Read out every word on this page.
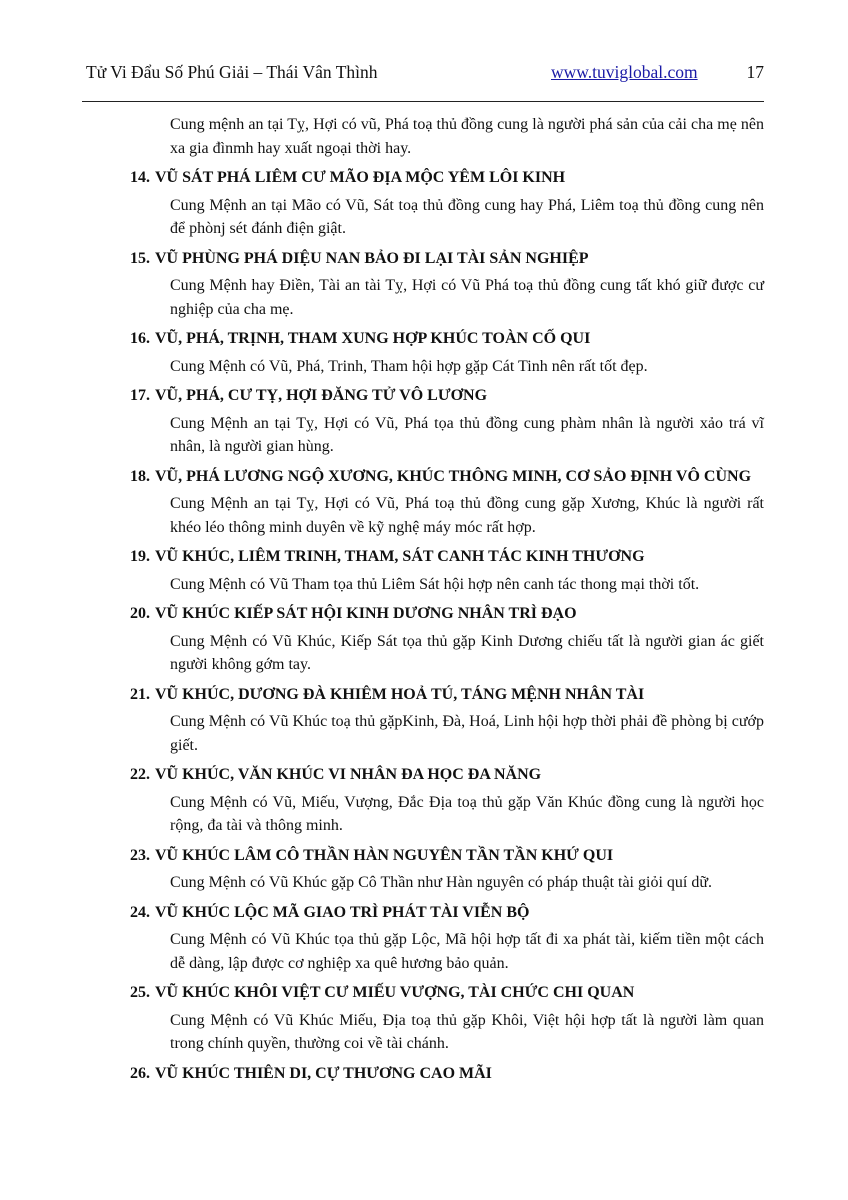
Tử Vi Đẩu Số Phú Giải – Thái Vân Thình	www.tuviglobal.com	17

Cung mệnh an tại Tỵ, Hợi có vũ, Phá toạ thủ đồng cung là người phá sản của cải cha mẹ nên xa gia đìnmh hay xuất ngoại thời hay.

14. VŨ SÁT PHÁ LIÊM CƯ MÃO ĐỊA MỘC YÊM LÔI KINH

Cung Mệnh an tại Mão có Vũ, Sát toạ thủ đồng cung hay Phá, Liêm toạ thủ đồng cung nên để phònj sét đánh điện giật.

15. VŨ PHÙNG PHÁ DIỆU NAN BẢO ĐI LẠI TÀI SẢN NGHIỆP

Cung Mệnh hay Điền, Tài an tài Tỵ, Hợi có Vũ Phá toạ thủ đồng cung tất khó giữ được cư nghiệp của cha mẹ.

16. VŨ, PHÁ, TRỊNH, THAM XUNG HỢP KHÚC TOÀN CỐ QUI

Cung Mệnh có Vũ, Phá, Trinh, Tham hội hợp gặp Cát Tinh nên rất tốt đẹp.

17. VŨ, PHÁ, CƯ TỴ, HỢI ĐĂNG TỬ VÔ LƯƠNG

Cung Mệnh an tại Tỵ, Hợi có Vũ, Phá tọa thủ đồng cung phàm nhân là người xảo trá vĩ nhân, là người gian hùng.

18. VŨ, PHÁ LƯƠNG NGỘ XƯƠNG, KHÚC THÔNG MINH, CƠ SẢO ĐỊNH VÔ CÙNG

Cung Mệnh an tại Tỵ, Hợi có Vũ, Phá toạ thủ đồng cung gặp Xương, Khúc là người rất khéo léo thông minh duyên về kỹ nghệ máy móc rất hợp.

19. VŨ KHÚC, LIÊM TRINH, THAM, SÁT CANH TÁC KINH THƯƠNG

Cung Mệnh có Vũ Tham tọa thủ Liêm Sát hội hợp nên canh tác thong mại thời tốt.

20. VŨ KHÚC KIẾP SÁT HỘI KINH DƯƠNG NHÂN TRÌ ĐẠO

Cung Mệnh có Vũ Khúc, Kiếp Sát tọa thủ gặp Kinh Dương chiếu tất là người gian ác giết người không gớm tay.

21. VŨ KHÚC, DƯƠNG ĐÀ KHIÊM HOẢ TÚ, TÁNG MỆNH NHÂN TÀI

Cung Mệnh có Vũ Khúc toạ thủ gặpKinh, Đà, Hoá, Linh hội hợp thời phải đề phòng bị cướp giết.

22. VŨ KHÚC, VĂN KHÚC VI NHÂN ĐA HỌC ĐA NĂNG

Cung Mệnh có Vũ, Miếu, Vượng, Đắc Địa toạ thủ gặp Văn Khúc đồng cung là người học rộng, đa tài và thông minh.

23. VŨ KHÚC LÂM CÔ THẦN HÀN NGUYÊN TẦN TẦN KHỨ QUI

Cung Mệnh có Vũ Khúc gặp Cô Thần như Hàn nguyên có pháp thuật tài giỏi quí dữ.

24. VŨ KHÚC LỘC MÃ GIAO TRÌ PHÁT TÀI VIỄN BỘ

Cung Mệnh có Vũ Khúc tọa thủ gặp Lộc, Mã hội hợp tất đi xa phát tài, kiếm tiền một cách dễ dàng, lập được cơ nghiệp xa quê hương bảo quản.

25. VŨ KHÚC KHÔI VIỆT CƯ MIẾU VƯỢNG, TÀI CHỨC CHI QUAN

Cung Mệnh có Vũ Khúc Miếu, Địa toạ thủ gặp Khôi, Việt hội hợp tất là người làm quan trong chính quyền, thường coi về tài chánh.

26. VŨ KHÚC THIÊN DI, CỰ THƯƠNG CAO MÃI
